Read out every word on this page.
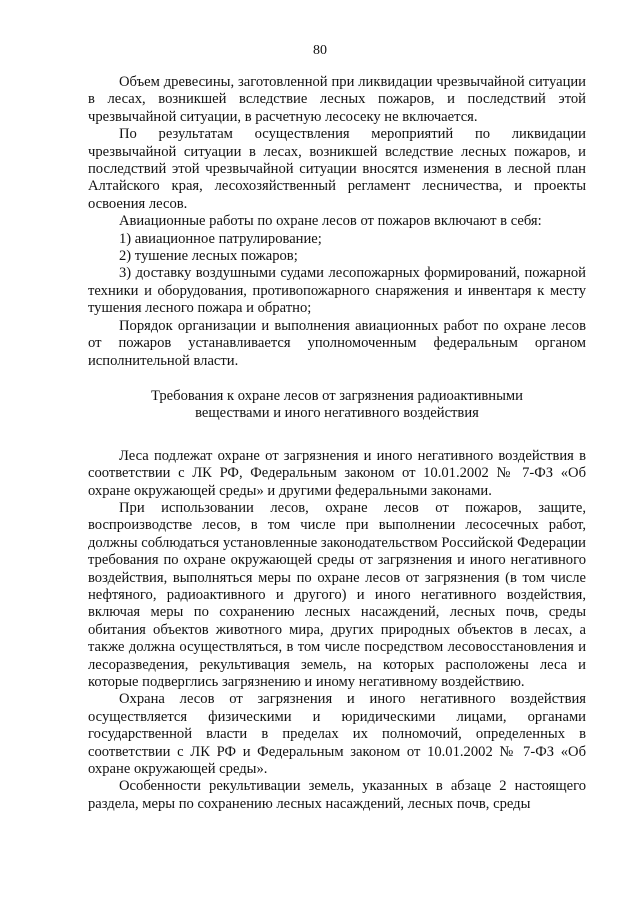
80

Объем древесины, заготовленной при ликвидации чрезвычайной ситуации в лесах, возникшей вследствие лесных пожаров, и последствий этой чрезвычайной ситуации, в расчетную лесосеку не включается.

По результатам осуществления мероприятий по ликвидации чрезвычайной ситуации в лесах, возникшей вследствие лесных пожаров, и последствий этой чрезвычайной ситуации вносятся изменения в лесной план Алтайского края, лесохозяйственный регламент лесничества, и проекты освоения лесов.

Авиационные работы по охране лесов от пожаров включают в себя:

1) авиационное патрулирование;

2) тушение лесных пожаров;

3) доставку воздушными судами лесопожарных формирований, пожарной техники и оборудования, противопожарного снаряжения и инвентаря к месту тушения лесного пожара и обратно;

Порядок организации и выполнения авиационных работ по охране лесов от пожаров устанавливается уполномоченным федеральным органом исполнительной власти.

Требования к охране лесов от загрязнения радиоактивными веществами и иного негативного воздействия

Леса подлежат охране от загрязнения и иного негативного воздействия в соответствии с ЛК РФ, Федеральным законом от 10.01.2002 № 7-ФЗ «Об охране окружающей среды» и другими федеральными законами.

При использовании лесов, охране лесов от пожаров, защите, воспроизводстве лесов, в том числе при выполнении лесосечных работ, должны соблюдаться установленные законодательством Российской Федерации требования по охране окружающей среды от загрязнения и иного негативного воздействия, выполняться меры по охране лесов от загрязнения (в том числе нефтяного, радиоактивного и другого) и иного негативного воздействия, включая меры по сохранению лесных насаждений, лесных почв, среды обитания объектов животного мира, других природных объектов в лесах, а также должна осуществляться, в том числе посредством лесовосстановления и лесоразведения, рекультивация земель, на которых расположены леса и которые подверглись загрязнению и иному негативному воздействию.

Охрана лесов от загрязнения и иного негативного воздействия осуществляется физическими и юридическими лицами, органами государственной власти в пределах их полномочий, определенных в соответствии с ЛК РФ и Федеральным законом от 10.01.2002 № 7-ФЗ «Об охране окружающей среды».

Особенности рекультивации земель, указанных в абзаце 2 настоящего раздела, меры по сохранению лесных насаждений, лесных почв, среды
